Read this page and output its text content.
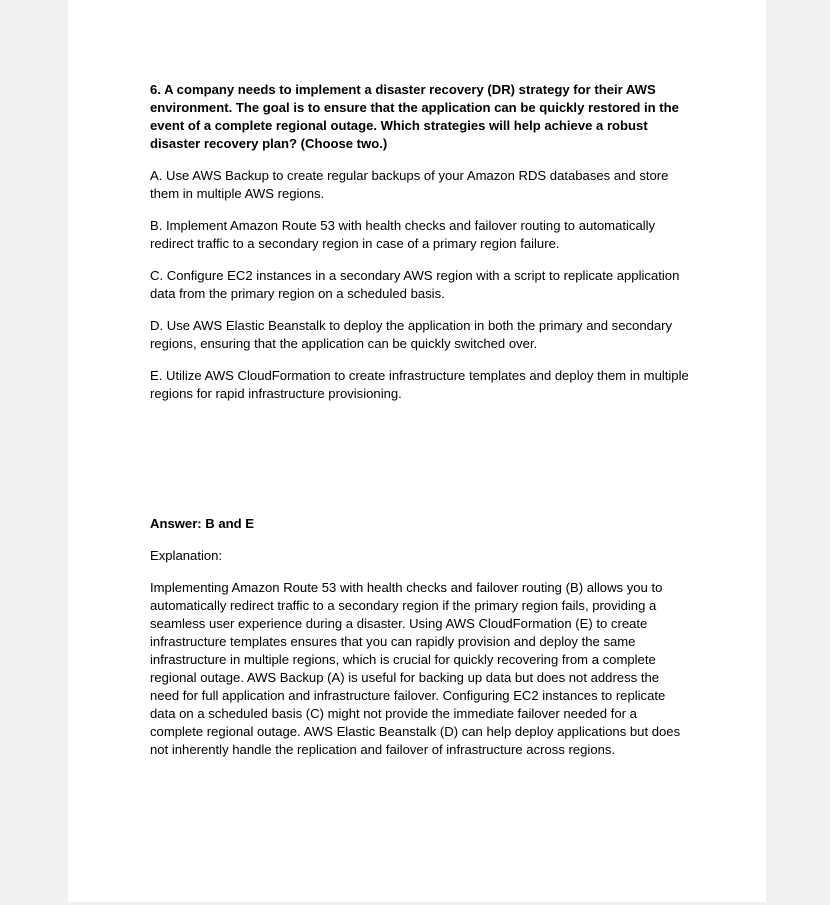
6. A company needs to implement a disaster recovery (DR) strategy for their AWS environment. The goal is to ensure that the application can be quickly restored in the event of a complete regional outage. Which strategies will help achieve a robust disaster recovery plan? (Choose two.)

A. Use AWS Backup to create regular backups of your Amazon RDS databases and store them in multiple AWS regions.

B. Implement Amazon Route 53 with health checks and failover routing to automatically redirect traffic to a secondary region in case of a primary region failure.

C. Configure EC2 instances in a secondary AWS region with a script to replicate application data from the primary region on a scheduled basis.

D. Use AWS Elastic Beanstalk to deploy the application in both the primary and secondary regions, ensuring that the application can be quickly switched over.

E. Utilize AWS CloudFormation to create infrastructure templates and deploy them in multiple regions for rapid infrastructure provisioning.

Answer: B and E

Explanation:

Implementing Amazon Route 53 with health checks and failover routing (B) allows you to automatically redirect traffic to a secondary region if the primary region fails, providing a seamless user experience during a disaster. Using AWS CloudFormation (E) to create infrastructure templates ensures that you can rapidly provision and deploy the same infrastructure in multiple regions, which is crucial for quickly recovering from a complete regional outage. AWS Backup (A) is useful for backing up data but does not address the need for full application and infrastructure failover. Configuring EC2 instances to replicate data on a scheduled basis (C) might not provide the immediate failover needed for a complete regional outage. AWS Elastic Beanstalk (D) can help deploy applications but does not inherently handle the replication and failover of infrastructure across regions.
